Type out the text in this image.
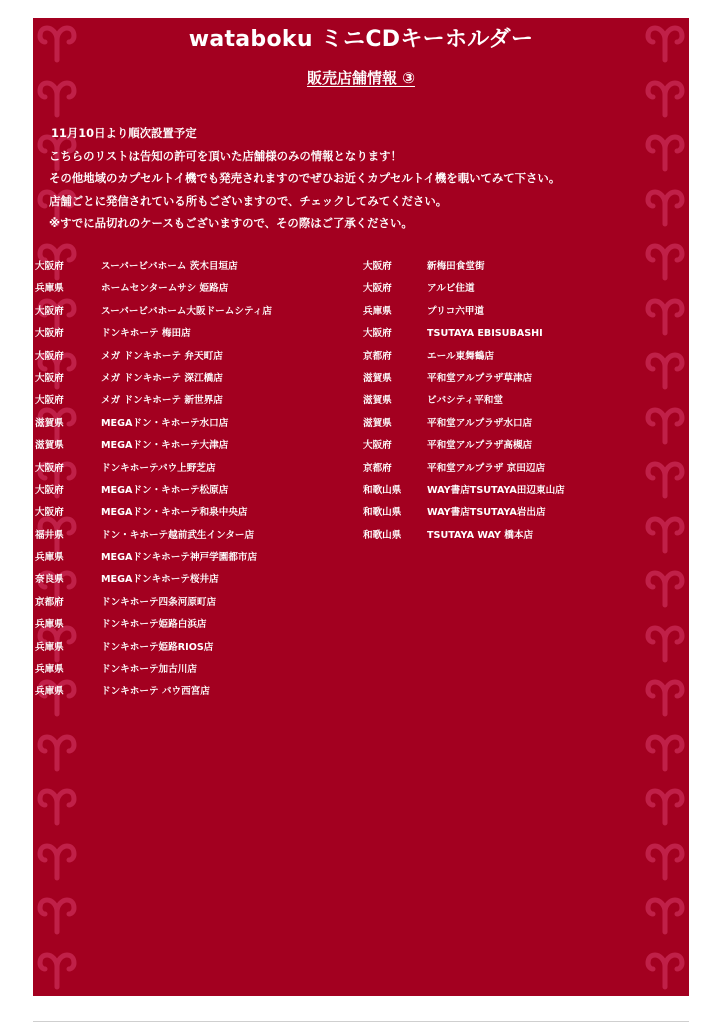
wataboku ミニCDキーホルダー
販売店舗情報 ③
11月10日より順次設置予定
こちらのリストは告知の許可を頂いた店舗様のみの情報となります！
その他地域のカプセルトイ機でも発売されますのでぜひお近くカプセルトイ機を覗いてみて下さい。
店舗ごとに発信されている所もございますので、チェックしてみてください。
※すでに品切れのケースもございますので、その際はご了承ください。
大阪府	スーパービバホーム 茨木目垣店
兵庫県	ホームセンタームサシ 姫路店
大阪府	スーパービバホーム大阪ドームシティ店
大阪府	ドンキホーテ 梅田店
大阪府	メガ ドンキホーテ 弁天町店
大阪府	メガ ドンキホーテ 深江橋店
大阪府	メガ ドンキホーテ 新世界店
滋賀県	MEGAドン・キホーテ水口店
滋賀県	MEGAドン・キホーテ大津店
大阪府	ドンキホーテパウ上野芝店
大阪府	MEGAドン・キホーテ松原店
大阪府	MEGAドン・キホーテ和泉中央店
福井県	ドン・キホーテ越前武生インター店
兵庫県	MEGAドンキホーテ神戸学園都市店
奈良県	MEGAドンキホーテ桜井店
京都府	ドンキホーテ四条河原町店
兵庫県	ドンキホーテ姫路白浜店
兵庫県	ドンキホーテ姫路RIOS店
兵庫県	ドンキホーテ加古川店
兵庫県	ドンキホーテ パウ西宮店
大阪府	新梅田食堂街
大阪府	アルビ住道
兵庫県	プリコ六甲道
大阪府	TSUTAYA EBISUBASHI
京都府	エール東舞鶴店
滋賀県	平和堂アルプラザ草津店
滋賀県	ビバシティ平和堂
滋賀県	平和堂アルプラザ水口店
大阪府	平和堂アルプラザ高槻店
京都府	平和堂アルプラザ 京田辺店
和歌山県	WAY書店TSUTAYA田辺東山店
和歌山県	WAY書店TSUTAYA岩出店
和歌山県	TSUTAYA WAY 橋本店
